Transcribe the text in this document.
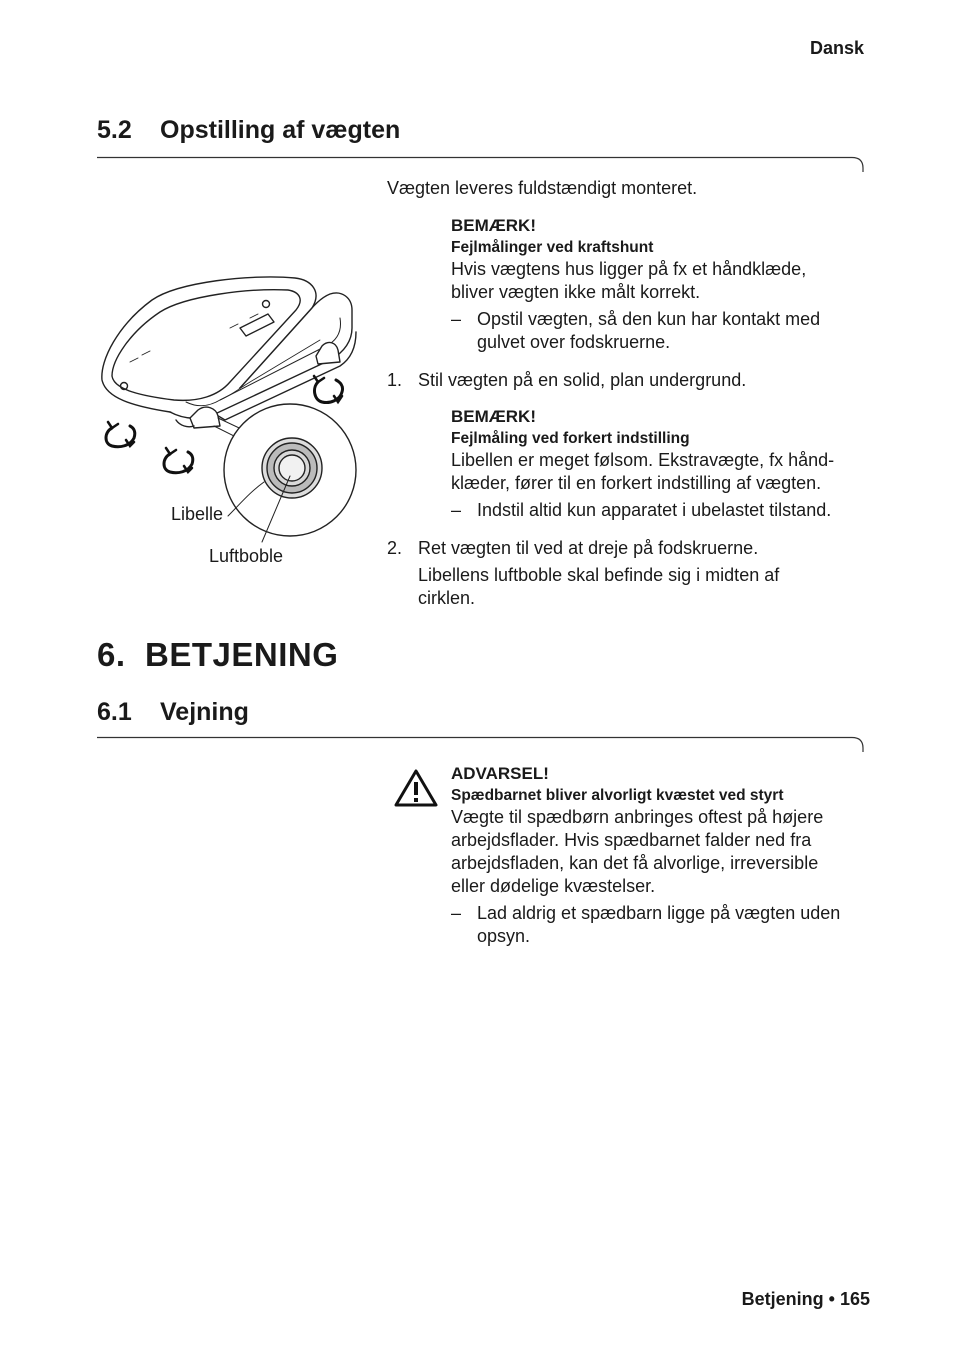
Dansk
5.2 Opstilling af vægten
Vægten leveres fuldstændigt monteret.
BEMÆRK!
Fejlmålinger ved kraftshunt
Hvis vægtens hus ligger på fx et håndklæde,
bliver vægten ikke målt korrekt.
– Opstil vægten, så den kun har kontakt med
gulvet over fodskruerne.
1. Stil vægten på en solid, plan undergrund.
BEMÆRK!
Fejlmåling ved forkert indstilling
Libellen er meget følsom. Ekstravægte, fx hånd-
klæder, fører til en forkert indstilling af vægten.
– Indstil altid kun apparatet i ubelastet tilstand.
2. Ret vægten til ved at dreje på fodskruerne.
Libellens luftboble skal befinde sig i midten af
cirklen.
Libelle
Luftboble
6. BETJENING
6.1 Vejning
ADVARSEL!
Spædbarnet bliver alvorligt kvæstet ved styrt
Vægte til spædbørn anbringes oftest på højere
arbejdsflader. Hvis spædbarnet falder ned fra
arbejdsfladen, kan det få alvorlige, irreversible
eller dødelige kvæstelser.
– Lad aldrig et spædbarn ligge på vægten uden
opsyn.
Betjening • 165
